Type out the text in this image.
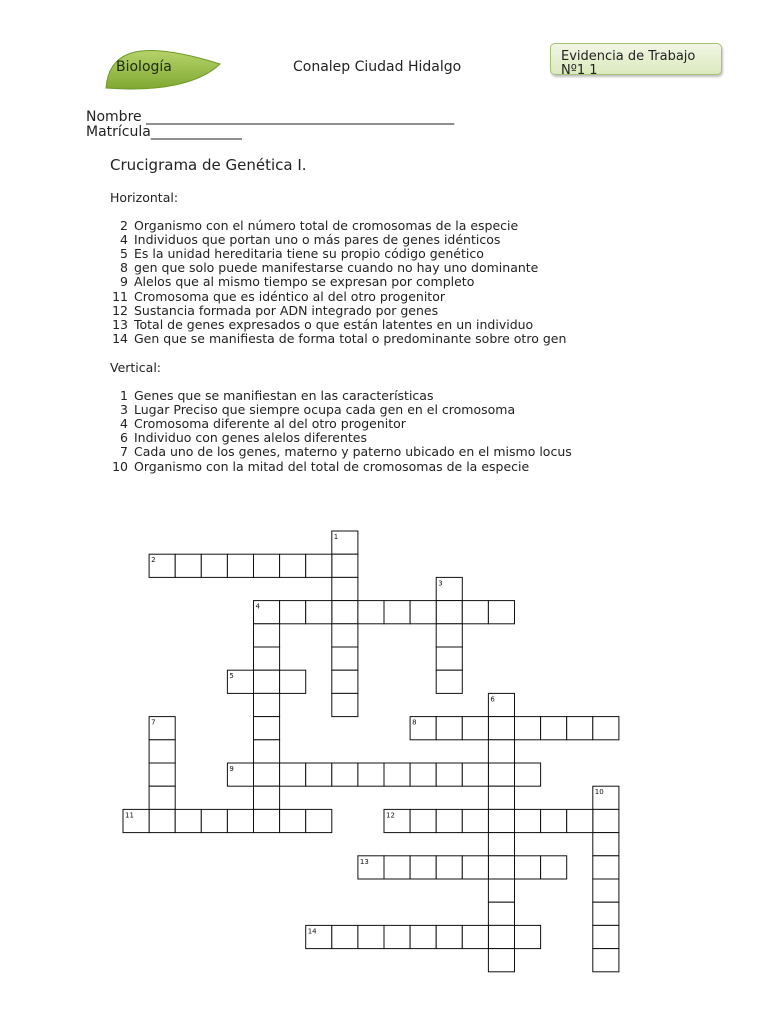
Biología	Conalep Ciudad Hidalgo
Evidencia de Trabajo Nº1 1
Nombre ____________________________________________
Matrícula_____________
Crucigrama de Genética I.
Horizontal:
2 Organismo con el número total de cromosomas de la especie
4 Individuos que portan uno o más pares de genes idénticos
5 Es la unidad hereditaria tiene su propio código genético
8 gen que solo puede manifestarse cuando no hay uno dominante
9 Alelos que al mismo tiempo se expresan por completo
11 Cromosoma que es idéntico al del otro progenitor
12 Sustancia formada por ADN integrado por genes
13 Total de genes expresados o que están latentes en un individuo
14 Gen que se manifiesta de forma total o predominante sobre otro gen
Vertical:
1 Genes que se manifiestan en las características
3 Lugar Preciso que siempre ocupa cada gen en el cromosoma
4 Cromosoma diferente al del otro progenitor
6 Individuo con genes alelos diferentes
7 Cada uno de los genes, materno y paterno ubicado en el mismo locus
10 Organismo con la mitad del total de cromosomas de la especie
1
2
3
4
5
6
7	8
9
10
11	12
13
14
